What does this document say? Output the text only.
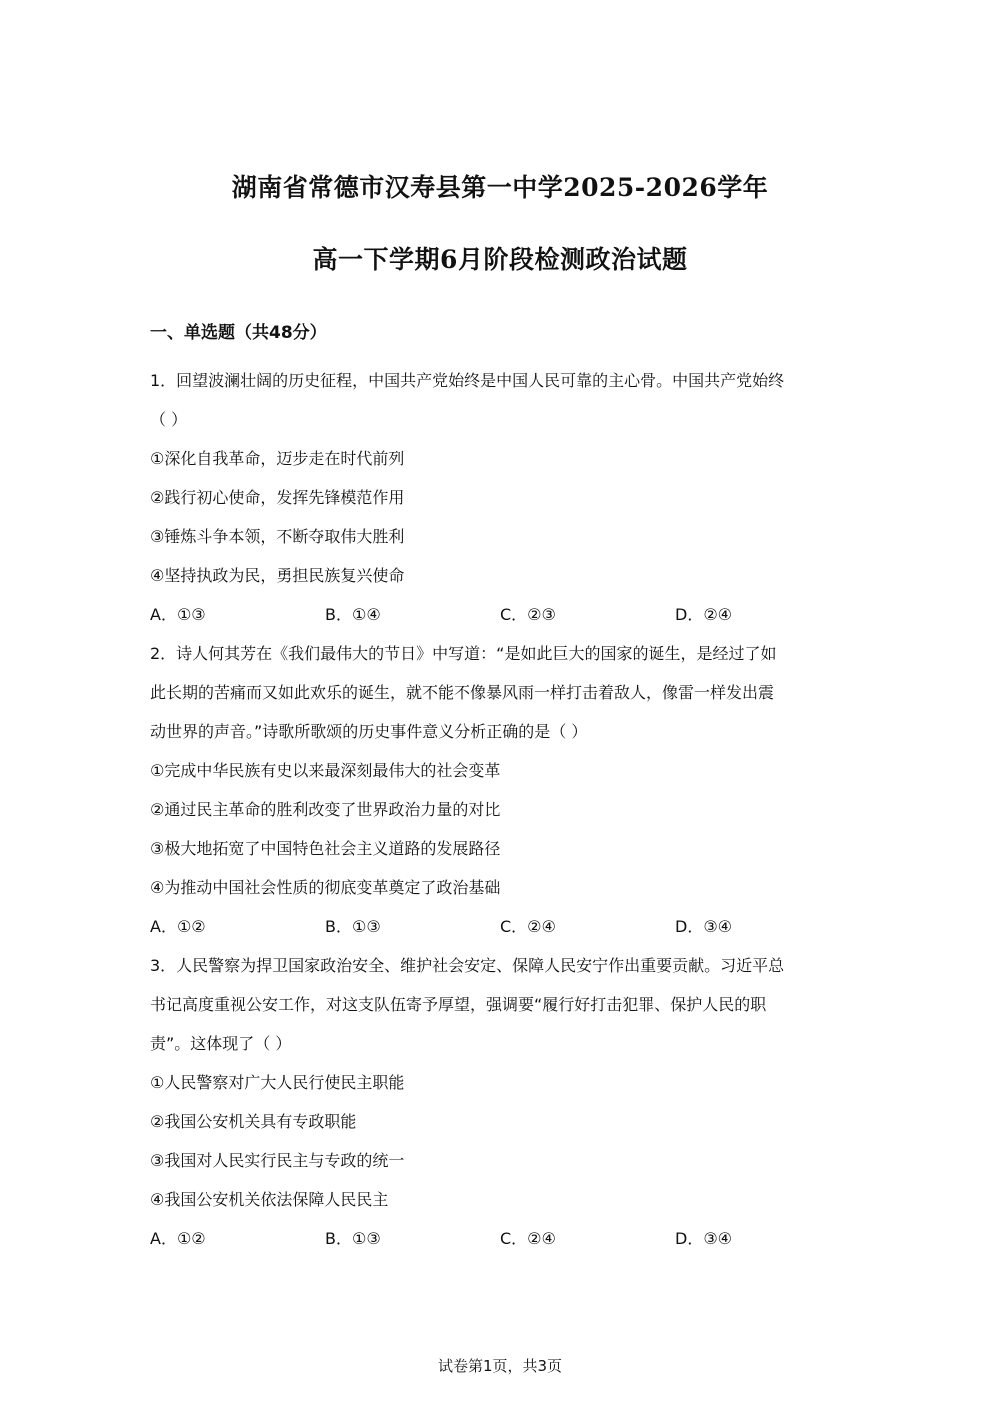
湖南省常德市汉寿县第一中学2025-2026学年
高一下学期6月阶段检测政治试题
一、单选题（共48分）
1．回望波澜壮阔的历史征程，中国共产党始终是中国人民可靠的主心骨。中国共产党始终
（ ）
①深化自我革命，迈步走在时代前列
②践行初心使命，发挥先锋模范作用
③锤炼斗争本领，不断夺取伟大胜利
④坚持执政为民，勇担民族复兴使命
A．①③	B．①④	C．②③	D．②④
2．诗人何其芳在《我们最伟大的节日》中写道：“是如此巨大的国家的诞生，是经过了如
此长期的苦痛而又如此欢乐的诞生，就不能不像暴风雨一样打击着敌人，像雷一样发出震
动世界的声音。”诗歌所歌颂的历史事件意义分析正确的是（ ）
①完成中华民族有史以来最深刻最伟大的社会变革
②通过民主革命的胜利改变了世界政治力量的对比
③极大地拓宽了中国特色社会主义道路的发展路径
④为推动中国社会性质的彻底变革奠定了政治基础
A．①②	B．①③	C．②④	D．③④
3．人民警察为捍卫国家政治安全、维护社会安定、保障人民安宁作出重要贡献。习近平总
书记高度重视公安工作，对这支队伍寄予厚望，强调要“履行好打击犯罪、保护人民的职
责”。这体现了（ ）
①人民警察对广大人民行使民主职能
②我国公安机关具有专政职能
③我国对人民实行民主与专政的统一
④我国公安机关依法保障人民民主
A．①②	B．①③	C．②④	D．③④
试卷第1页，共3页
